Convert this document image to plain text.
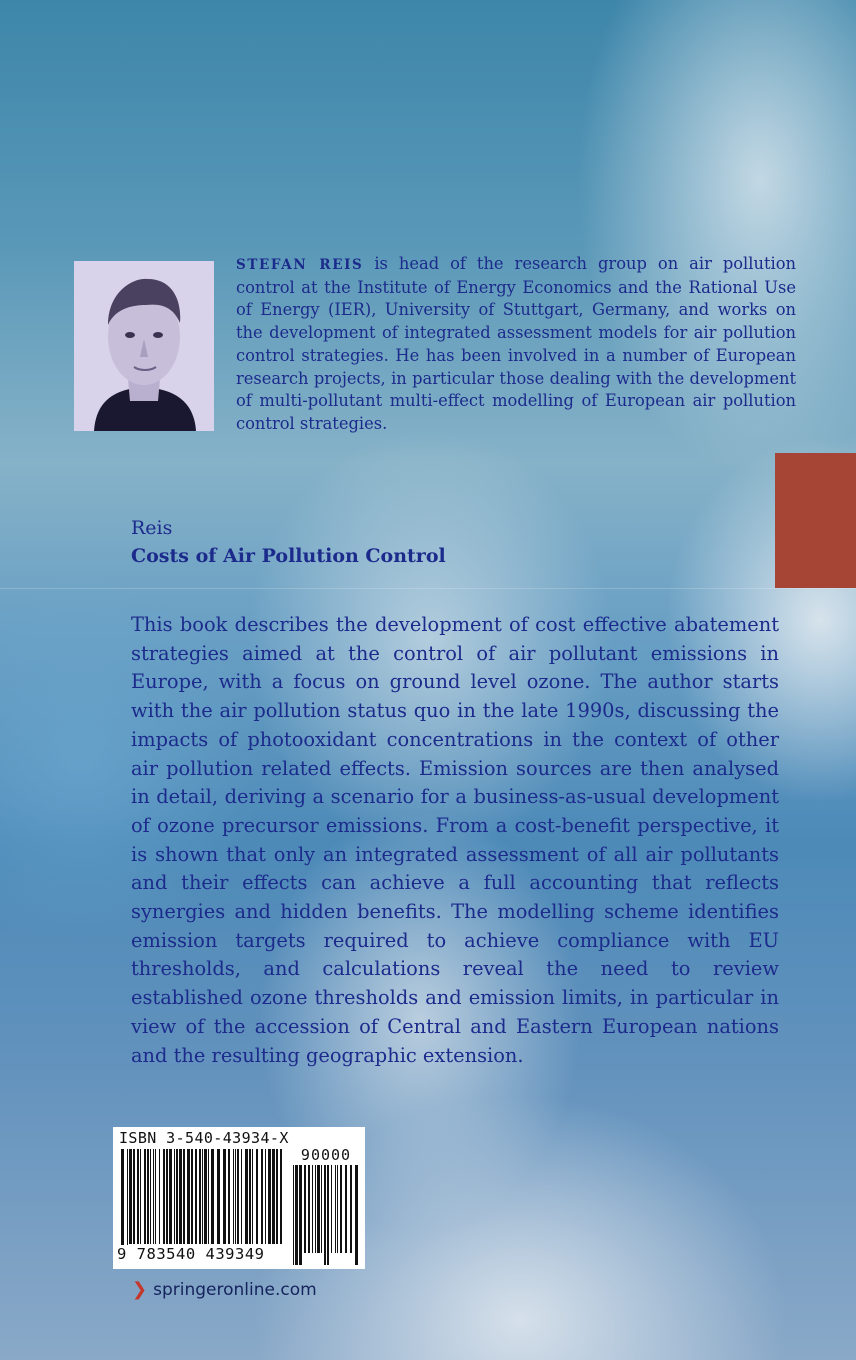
STEFAN REIS is head of the research group on air pollution control at the Institute of Energy Economics and the Rational Use of Energy (IER), University of Stuttgart, Germany, and works on the development of integrated assessment models for air pollution control strategies. He has been involved in a number of European research projects, in particular those dealing with the development of multi-pollutant multi-effect modelling of European air pollution control strategies.
Reis
Costs of Air Pollution Control
This book describes the development of cost effective abatement strategies aimed at the control of air pollutant emissions in Europe, with a focus on ground level ozone. The author starts with the air pollution status quo in the late 1990s, discussing the impacts of photooxidant concentrations in the context of other air pollution related effects. Emission sources are then analysed in detail, deriving a scenario for a business-as-usual development of ozone precursor emissions. From a cost-benefit perspective, it is shown that only an integrated assessment of all air pollutants and their effects can achieve a full accounting that reflects synergies and hidden benefits. The modelling scheme identifies emission targets required to achieve compliance with EU thresholds, and calculations reveal the need to review established ozone thresholds and emission limits, in particular in view of the accession of Central and Eastern European nations and the resulting geographic extension.
ISBN 3-540-43934-X
90000
9 783540 439349
❯ springeronline.com
